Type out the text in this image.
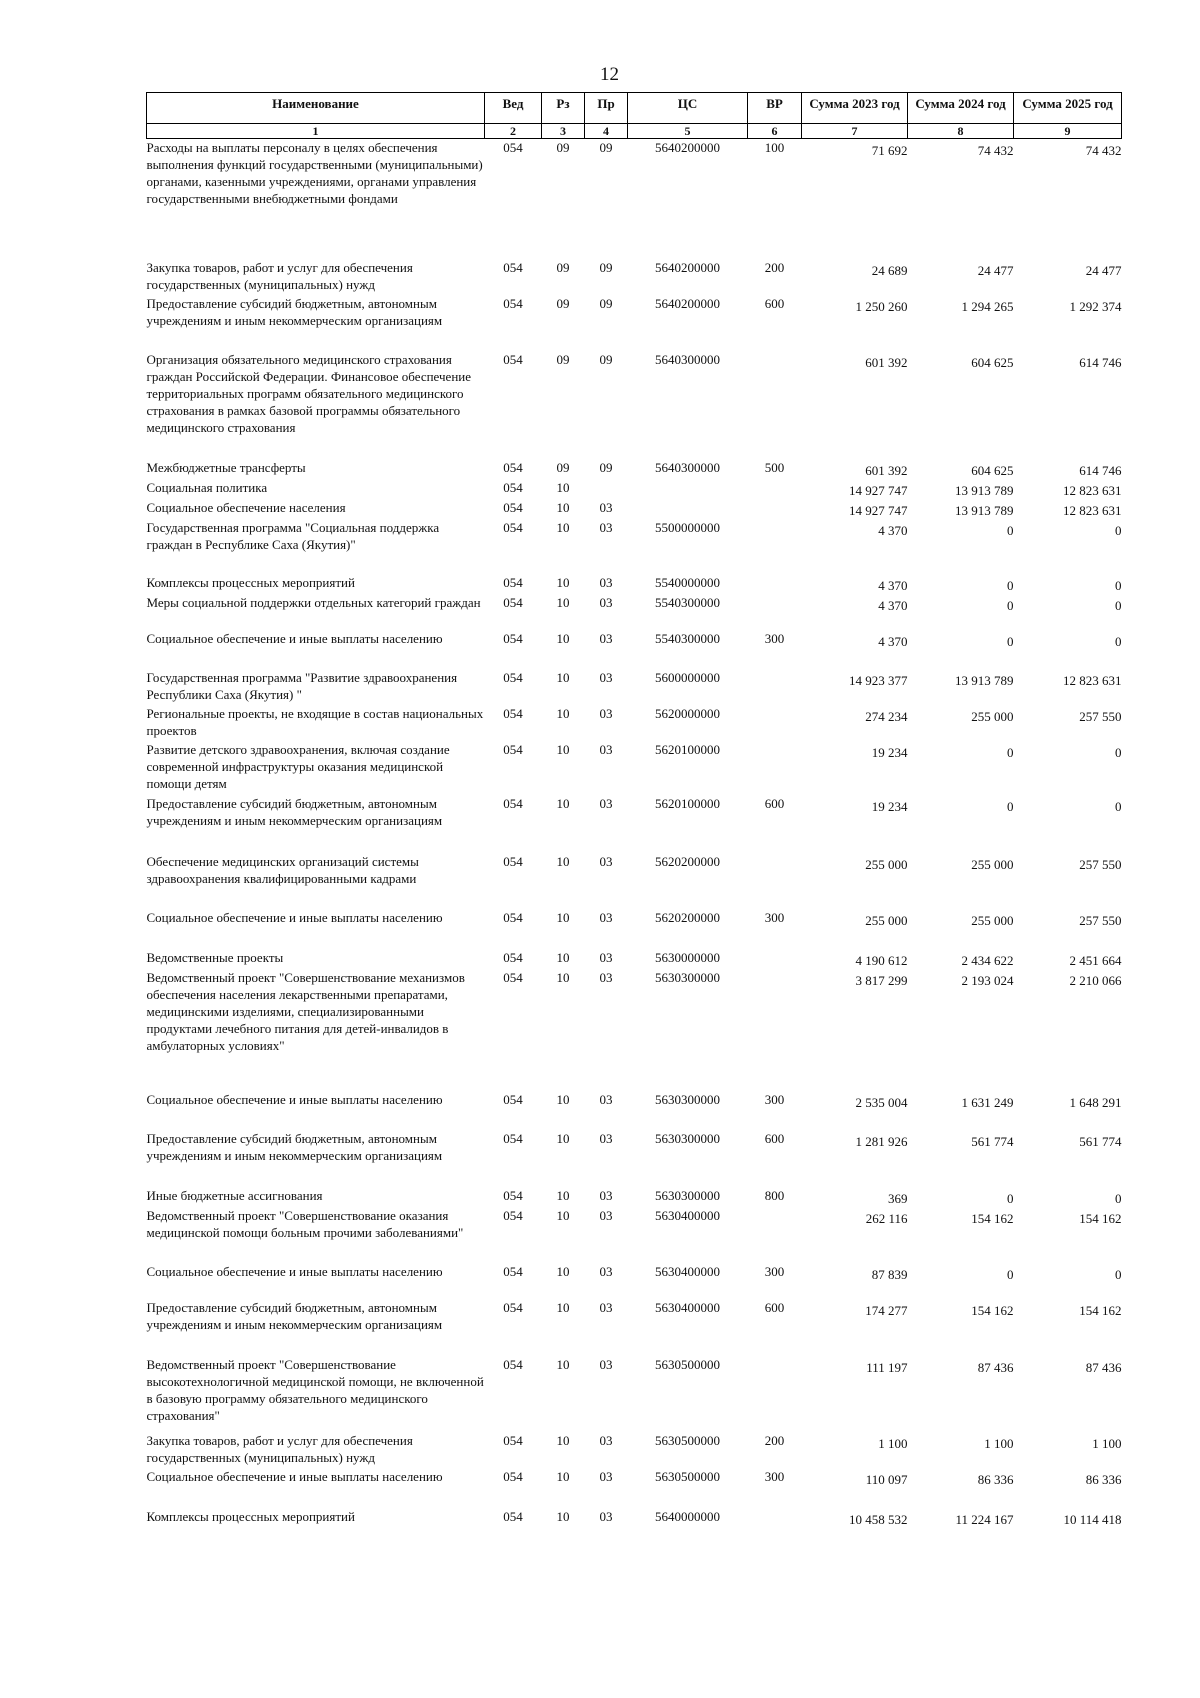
12
Наименование	Вед	Рз	Пр	ЦС	ВР	Сумма 2023 год	Сумма 2024 год	Сумма 2025 год
1	2	3	4	5	6	7	8	9
Расходы на выплаты персоналу в целях обеспечения выполнения функций государственными (муниципальными) органами, казенными учреждениями, органами управления государственными внебюджетными фондами	054	09	09	5640200000	100	71 692	74 432	74 432
Закупка товаров, работ и услуг для обеспечения государственных (муниципальных) нужд	054	09	09	5640200000	200	24 689	24 477	24 477
Предоставление субсидий бюджетным, автономным учреждениям и иным некоммерческим организациям	054	09	09	5640200000	600	1 250 260	1 294 265	1 292 374
Организация обязательного медицинского страхования граждан Российской Федерации. Финансовое обеспечение территориальных программ обязательного медицинского страхования в рамках базовой программы обязательного медицинского страхования	054	09	09	5640300000		601 392	604 625	614 746
Межбюджетные трансферты	054	09	09	5640300000	500	601 392	604 625	614 746
Социальная политика	054	10				14 927 747	13 913 789	12 823 631
Социальное обеспечение населения	054	10	03			14 927 747	13 913 789	12 823 631
Государственная программа "Социальная поддержка граждан в Республике Саха (Якутия)"	054	10	03	5500000000		4 370	0	0
Комплексы процессных мероприятий	054	10	03	5540000000		4 370	0	0
Меры социальной поддержки отдельных категорий граждан	054	10	03	5540300000		4 370	0	0
Социальное обеспечение и иные выплаты населению	054	10	03	5540300000	300	4 370	0	0
Государственная программа "Развитие здравоохранения Республики Саха (Якутия) "	054	10	03	5600000000		14 923 377	13 913 789	12 823 631
Региональные проекты, не входящие в состав национальных проектов	054	10	03	5620000000		274 234	255 000	257 550
Развитие детского здравоохранения, включая создание современной инфраструктуры оказания медицинской помощи детям	054	10	03	5620100000		19 234	0	0
Предоставление субсидий бюджетным, автономным учреждениям и иным некоммерческим организациям	054	10	03	5620100000	600	19 234	0	0
Обеспечение медицинских организаций системы здравоохранения квалифицированными кадрами	054	10	03	5620200000		255 000	255 000	257 550
Социальное обеспечение и иные выплаты населению	054	10	03	5620200000	300	255 000	255 000	257 550
Ведомственные проекты	054	10	03	5630000000		4 190 612	2 434 622	2 451 664
Ведомственный проект "Совершенствование механизмов обеспечения населения лекарственными препаратами, медицинскими изделиями, специализированными продуктами лечебного питания для детей-инвалидов в амбулаторных условиях"	054	10	03	5630300000		3 817 299	2 193 024	2 210 066
Социальное обеспечение и иные выплаты населению	054	10	03	5630300000	300	2 535 004	1 631 249	1 648 291
Предоставление субсидий бюджетным, автономным учреждениям и иным некоммерческим организациям	054	10	03	5630300000	600	1 281 926	561 774	561 774
Иные бюджетные ассигнования	054	10	03	5630300000	800	369	0	0
Ведомственный проект "Совершенствование оказания медицинской помощи больным прочими заболеваниями"	054	10	03	5630400000		262 116	154 162	154 162
Социальное обеспечение и иные выплаты населению	054	10	03	5630400000	300	87 839	0	0
Предоставление субсидий бюджетным, автономным учреждениям и иным некоммерческим организациям	054	10	03	5630400000	600	174 277	154 162	154 162
Ведомственный проект "Совершенствование высокотехнологичной медицинской помощи, не включенной в базовую программу обязательного медицинского страхования"	054	10	03	5630500000		111 197	87 436	87 436
Закупка товаров, работ и услуг для обеспечения государственных (муниципальных) нужд	054	10	03	5630500000	200	1 100	1 100	1 100
Социальное обеспечение и иные выплаты населению	054	10	03	5630500000	300	110 097	86 336	86 336
Комплексы процессных мероприятий	054	10	03	5640000000		10 458 532	11 224 167	10 114 418
